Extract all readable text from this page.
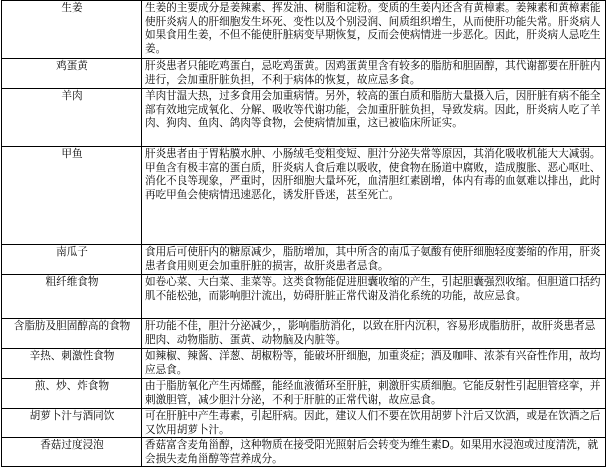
生姜	生姜的主要成分是姜辣素、挥发油、树脂和淀粉。变质的生姜内还含有黄樟素。姜辣素和黄樟素能使肝炎病人的肝细胞发生坏死、变性以及个别浸润、间质组织增生，从而使肝功能失常。肝炎病人如果食用生姜，不但不能使肝脏病变早期恢复，反而会使病情进一步恶化。因此，肝炎病人忌吃生姜。
鸡蛋黄	肝炎患者只能吃鸡蛋白，忌吃鸡蛋黄。因鸡蛋黄里含有较多的脂肪和胆固醇，其代谢都要在肝脏内进行，会加重肝脏负担，不利于病体的恢复，故应忌多食。
羊肉	羊肉甘温大热，过多食用会加重病情。另外，较高的蛋白质和脂肪大量摄入后，因肝脏有病不能全部有效地完成氧化、分解、吸收等代谢功能，会加重肝脏负担，导致发病。因此，肝炎病人吃了羊肉、狗肉、鱼肉、鸽肉等食物，会使病情加重，这已被临床所证实。
甲鱼	肝炎患者由于胃粘膜水肿、小肠绒毛变粗变短、胆汁分泌失常等原因，其消化吸收机能大大减弱。甲鱼含有极丰富的蛋白质，肝炎病人食后难以吸收，使食物在肠道中腐败，造成腹胀、恶心呕吐、消化不良等现象，严重时，因肝细胞大量坏死，血清胆红素剧增，体内有毒的血氨难以排出，此时再吃甲鱼会使病情迅速恶化，诱发肝昏迷，甚至死亡。
南瓜子	食用后可使肝内的糖原减少，脂肪增加，其中所含的南瓜子氨酸有使肝细胞轻度萎缩的作用，肝炎患者食用则更会加重肝脏的损害，故肝炎患者忌食。
粗纤维食物	如卷心菜、大白菜、韭菜等。这类食物能促进胆囊收缩的产生，引起胆囊强烈收缩。但胆道口括约肌不能松弛，而影响胆汁流出，妨碍肝脏正常代谢及消化系统的功能，故应忌食。
含脂肪及胆固醇高的食物	肝功能不佳，胆汁分泌减少，，影响脂肪消化，以致在肝内沉积，容易形成脂肪肝，故肝炎患者忌肥肉、动物脂肪、蛋黄、动物脑及内脏等。
辛热、刺激性食物	如辣椒、辣酱、洋葱、胡椒粉等，能破坏肝细胞，加重炎症；酒及咖啡、浓茶有兴奋性作用，故均应忌食。
煎、炒、炸食物	由于脂肪氧化产生丙烯醛，能经血液循环至肝脏，刺激肝实质细胞。它能反射性引起胆管痉挛，并刺激胆管，减少胆汁分泌，不利于肝脏的正常代谢，故应忌食。
胡萝卜汁与酒同饮	可在肝脏中产生毒素，引起肝病。因此，建议人们不要在饮用胡萝卜汁后又饮酒，或是在饮酒之后又饮用胡萝卜汁。
香菇过度浸泡	香菇富含麦角甾醇，这种物质在接受阳光照射后会转变为维生素D。如果用水浸泡或过度清洗，就会损失麦角甾醇等营养成分。
